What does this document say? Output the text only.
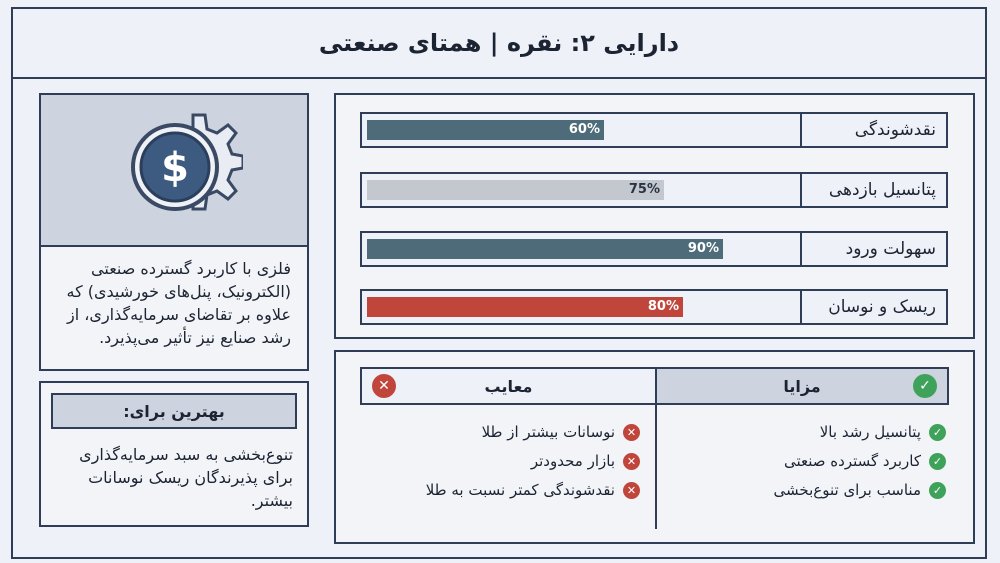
دارایی ۲: نقره | همتای صنعتی
$
فلزی با کاربرد گسترده صنعتی
(الکترونیک، پنل‌های خورشیدی) که
علاوه بر تقاضای سرمایه‌گذاری، از
رشد صنایع نیز تأثیر می‌پذیرد.
بهترین برای:
تنوع‌بخشی به سبد سرمایه‌گذاری
برای پذیرندگان ریسک نوسانات
بیشتر.
60%	نقدشوندگی
75%	پتانسیل بازدهی
90%	سهولت ورود
80%	ریسک و نوسان
✕	معایب	مزایا	✓
✕
نوسانات بیشتر از طلا
✕
بازار محدودتر
✕
نقدشوندگی کمتر نسبت به طلا
✓
پتانسیل رشد بالا
✓
کاربرد گسترده صنعتی
✓
مناسب برای تنوع‌بخشی
